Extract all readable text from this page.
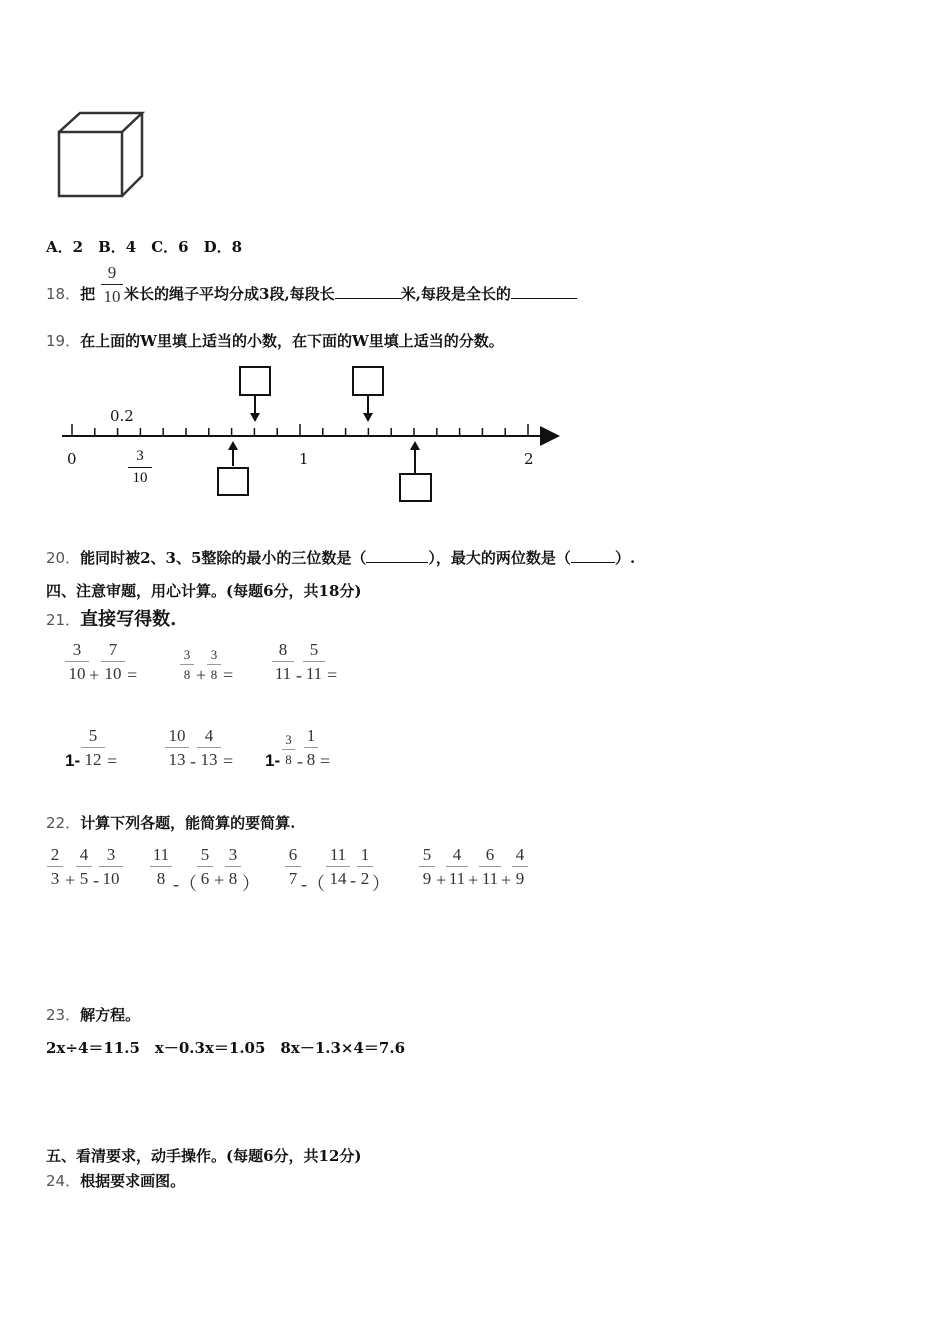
A．2　B．4　C．6　D．8
18．把
9
10 米长的绳子平均分成3段,每段长	米,每段是全长的
19．在上面的W里填上适当的小数，在下面的W里填上适当的分数。
0.2
0	1	2
3
10
20．能同时被2、3、5整除的最小的三位数是（	），最大的两位数是（	）.
四、注意审题，用心计算。(每题6分，共18分)
21．直接写得数.
3
10 +
7
10 =
3
8 +
3
8 =
8
11 -
5
11 =
1-
5
12 =
10
13 -
4
13 = 1-
3
8 -
1
8 =
22．计算下列各题，能简算的要简算.
2
3 +
4
5 -
3
10
11
8 -（
5
6 +
3
8 ）
6
7 -（
11
14 -
1
2 ）
5
9 +
4
11 +
6
11 +
4
9
23．解方程。
2x÷4＝11.5　x－0.3x＝1.05　8x－1.3×4＝7.6
五、看清要求，动手操作。(每题6分，共12分)
24．根据要求画图。
